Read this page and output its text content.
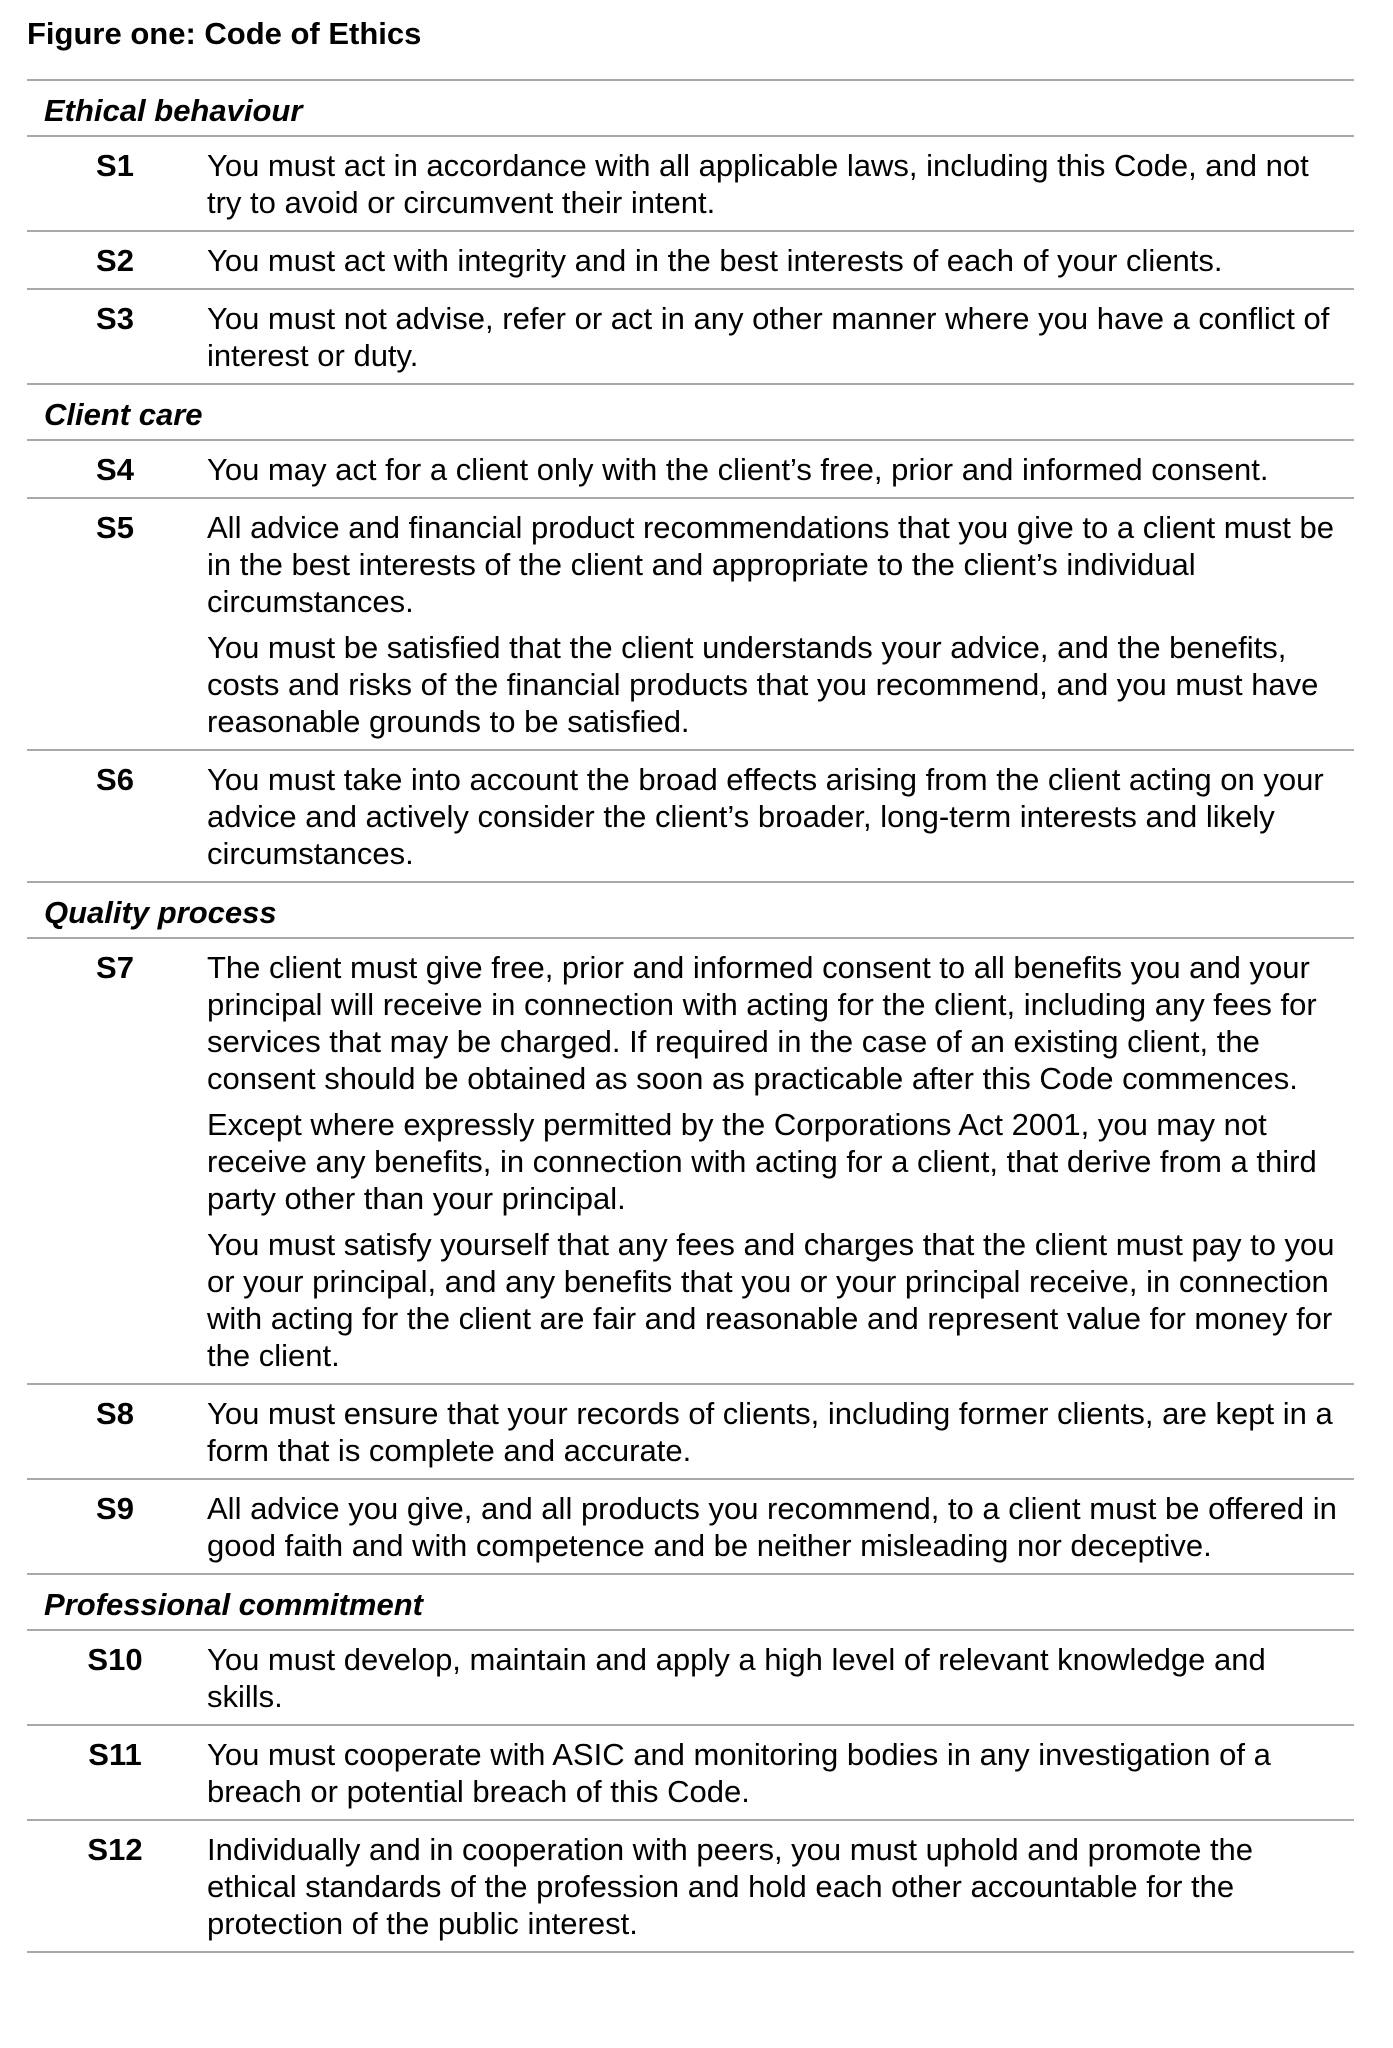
Figure one: Code of Ethics
Ethical behaviour
S1	You must act in accordance with all applicable laws, including this Code, and not try to avoid or circumvent their intent.

S2	You must act with integrity and in the best interests of each of your clients.

S3	You must not advise, refer or act in any other manner where you have a conflict of interest or duty.

Client care
S4	You may act for a client only with the client’s free, prior and informed consent.

S5	All advice and financial product recommendations that you give to a client must be in the best interests of the client and appropriate to the client’s individual circumstances.

You must be satisfied that the client understands your advice, and the benefits, costs and risks of the financial products that you recommend, and you must have reasonable grounds to be satisfied.

S6	You must take into account the broad effects arising from the client acting on your advice and actively consider the client’s broader, long-term interests and likely circumstances.

Quality process
S7	The client must give free, prior and informed consent to all benefits you and your principal will receive in connection with acting for the client, including any fees for services that may be charged. If required in the case of an existing client, the consent should be obtained as soon as practicable after this Code commences.

Except where expressly permitted by the Corporations Act 2001, you may not receive any benefits, in connection with acting for a client, that derive from a third party other than your principal.

You must satisfy yourself that any fees and charges that the client must pay to you or your principal, and any benefits that you or your principal receive, in connection with acting for the client are fair and reasonable and represent value for money for the client.

S8	You must ensure that your records of clients, including former clients, are kept in a form that is complete and accurate.

S9	All advice you give, and all products you recommend, to a client must be offered in good faith and with competence and be neither misleading nor deceptive.

Professional commitment
S10	You must develop, maintain and apply a high level of relevant knowledge and skills.

S11	You must cooperate with ASIC and monitoring bodies in any investigation of a breach or potential breach of this Code.

S12	Individually and in cooperation with peers, you must uphold and promote the ethical standards of the profession and hold each other accountable for the protection of the public interest.
